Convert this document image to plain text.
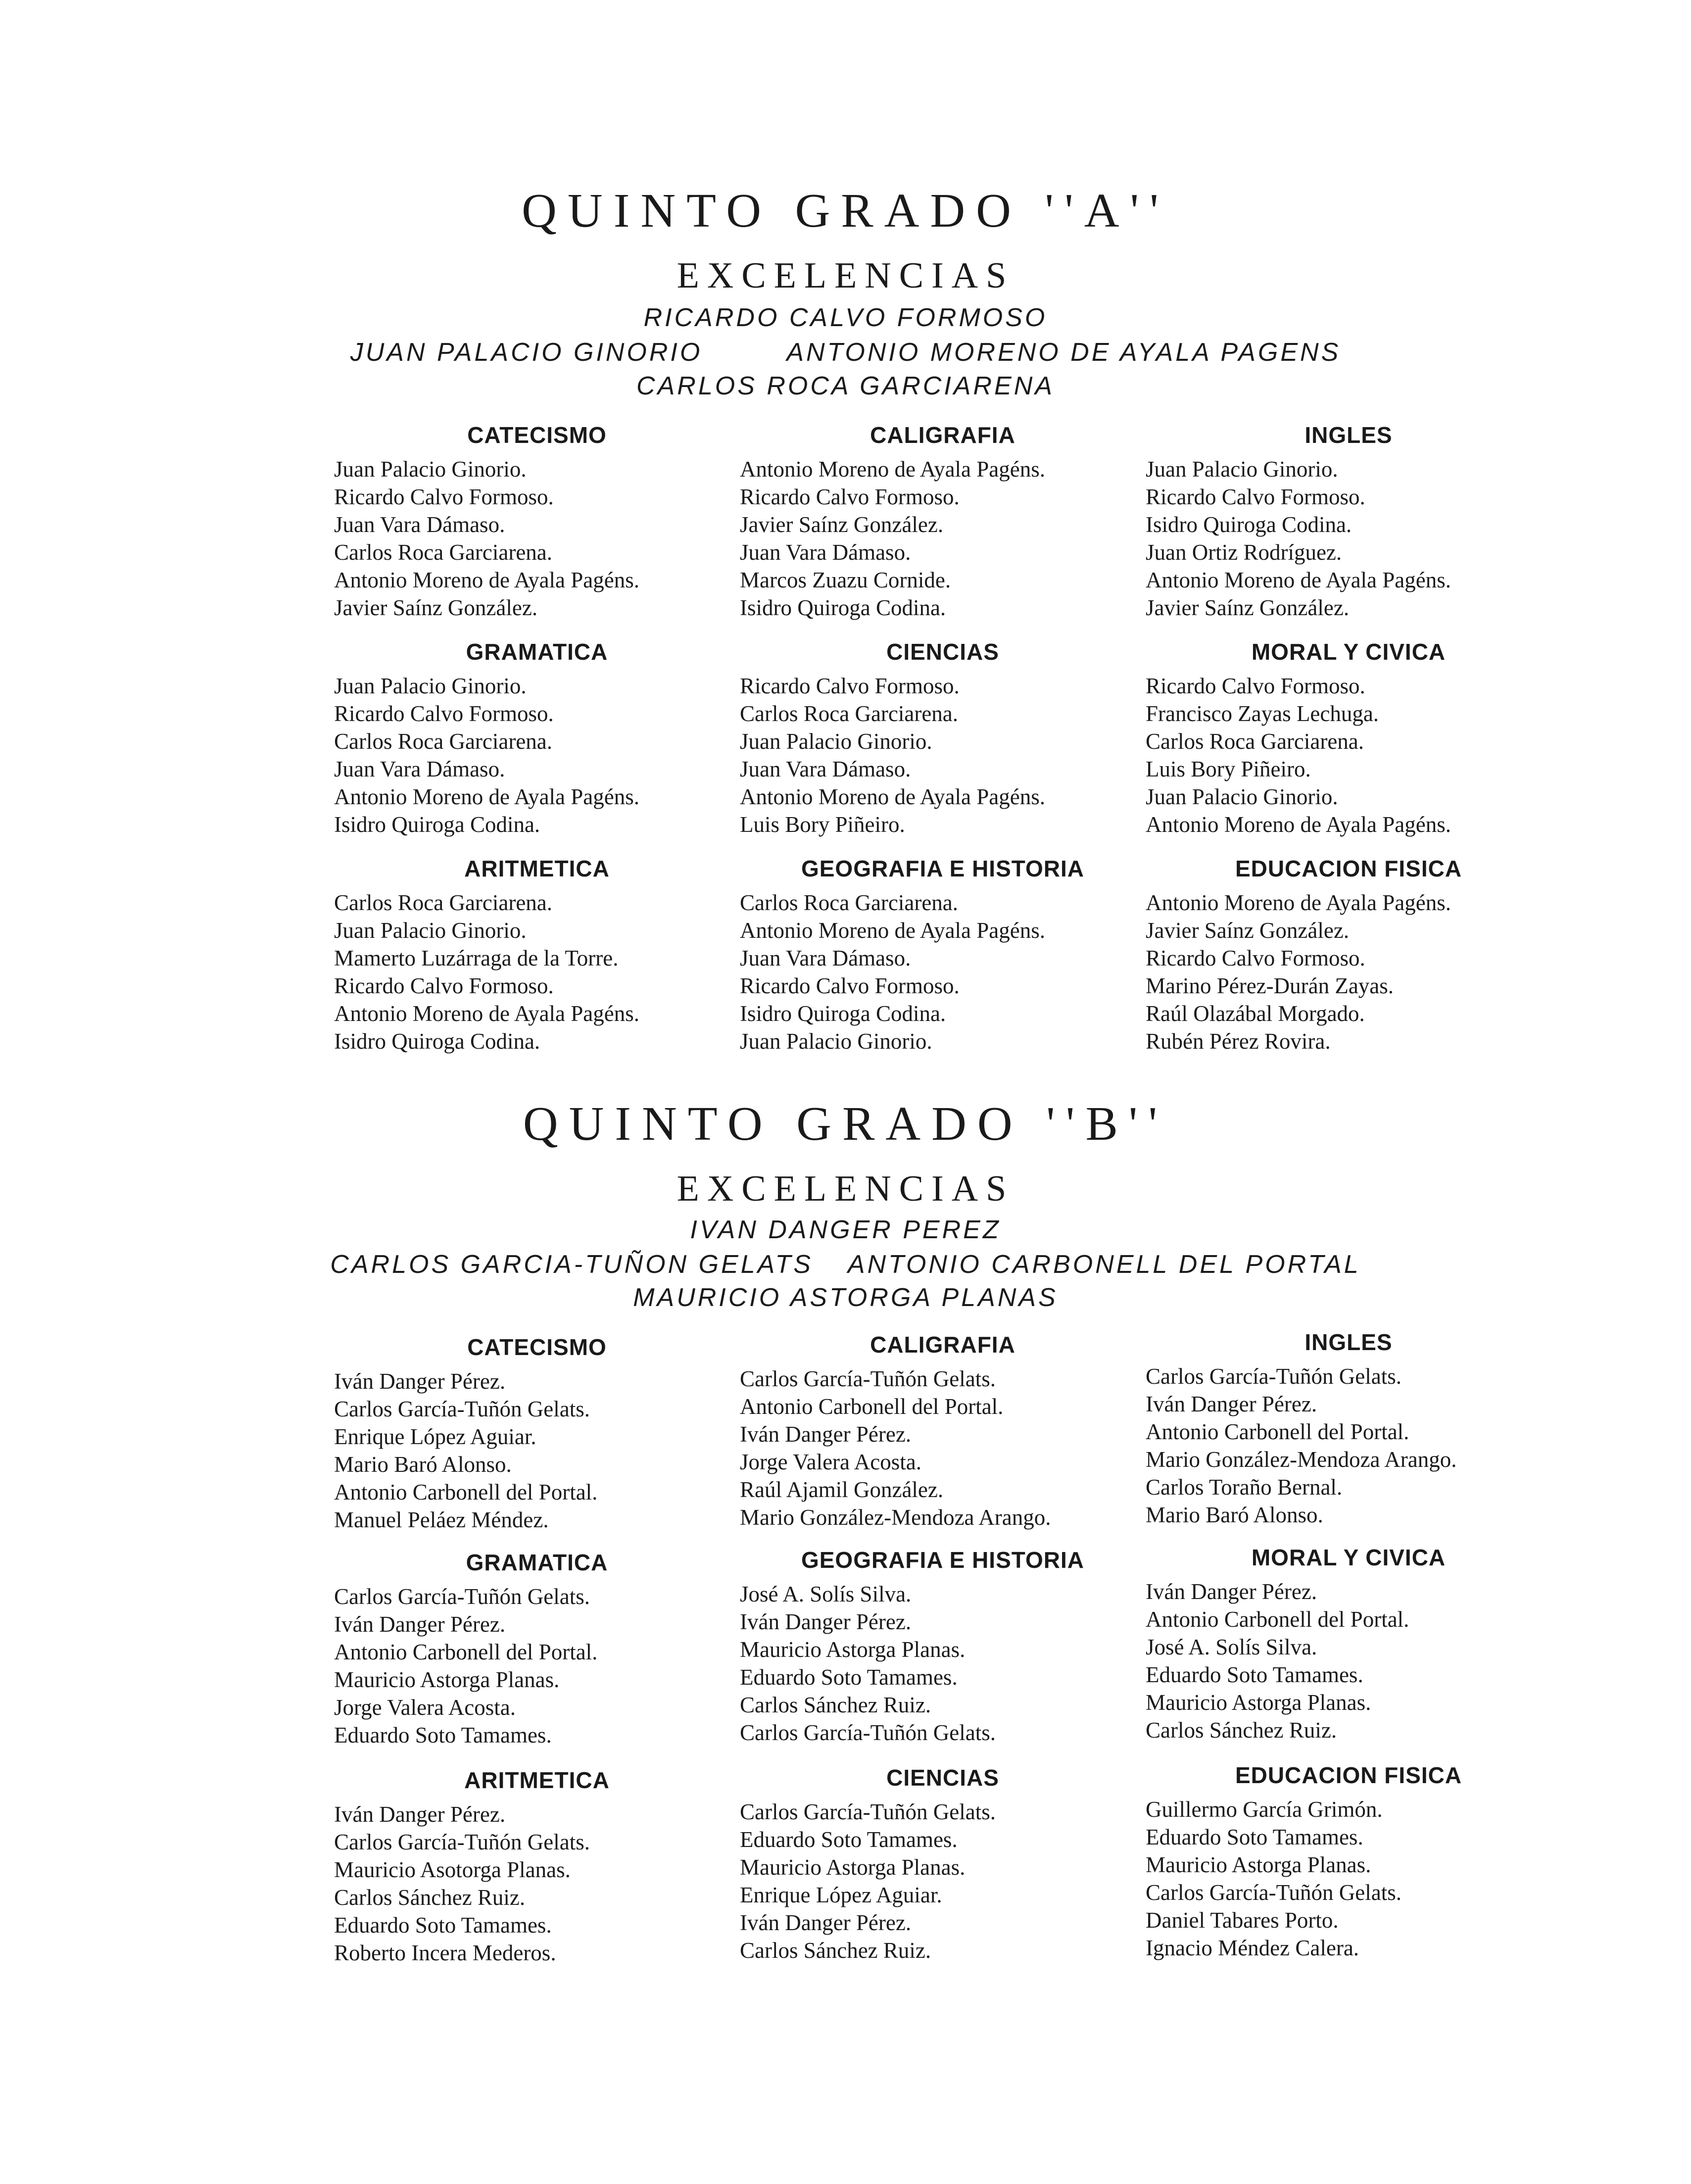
QUINTO GRADO ''A''
EXCELENCIAS
RICARDO CALVO FORMOSO
JUAN PALACIO GINORIO	ANTONIO MORENO DE AYALA PAGENS
CARLOS ROCA GARCIARENA
CATECISMO
Juan Palacio Ginorio.
Ricardo Calvo Formoso.
Juan Vara Dámaso.
Carlos Roca Garciarena.
Antonio Moreno de Ayala Pagéns.
Javier Saínz González.
CALIGRAFIA
Antonio Moreno de Ayala Pagéns.
Ricardo Calvo Formoso.
Javier Saínz González.
Juan Vara Dámaso.
Marcos Zuazu Cornide.
Isidro Quiroga Codina.
INGLES
Juan Palacio Ginorio.
Ricardo Calvo Formoso.
Isidro Quiroga Codina.
Juan Ortiz Rodríguez.
Antonio Moreno de Ayala Pagéns.
Javier Saínz González.
GRAMATICA
Juan Palacio Ginorio.
Ricardo Calvo Formoso.
Carlos Roca Garciarena.
Juan Vara Dámaso.
Antonio Moreno de Ayala Pagéns.
Isidro Quiroga Codina.
CIENCIAS
Ricardo Calvo Formoso.
Carlos Roca Garciarena.
Juan Palacio Ginorio.
Juan Vara Dámaso.
Antonio Moreno de Ayala Pagéns.
Luis Bory Piñeiro.
MORAL Y CIVICA
Ricardo Calvo Formoso.
Francisco Zayas Lechuga.
Carlos Roca Garciarena.
Luis Bory Piñeiro.
Juan Palacio Ginorio.
Antonio Moreno de Ayala Pagéns.
ARITMETICA
Carlos Roca Garciarena.
Juan Palacio Ginorio.
Mamerto Luzárraga de la Torre.
Ricardo Calvo Formoso.
Antonio Moreno de Ayala Pagéns.
Isidro Quiroga Codina.
GEOGRAFIA E HISTORIA
Carlos Roca Garciarena.
Antonio Moreno de Ayala Pagéns.
Juan Vara Dámaso.
Ricardo Calvo Formoso.
Isidro Quiroga Codina.
Juan Palacio Ginorio.
EDUCACION FISICA
Antonio Moreno de Ayala Pagéns.
Javier Saínz González.
Ricardo Calvo Formoso.
Marino Pérez-Durán Zayas.
Raúl Olazábal Morgado.
Rubén Pérez Rovira.
QUINTO GRADO ''B''
EXCELENCIAS
IVAN DANGER PEREZ
CARLOS GARCIA-TUÑON GELATS ANTONIO CARBONELL DEL PORTAL
MAURICIO ASTORGA PLANAS
CATECISMO
Iván Danger Pérez.
Carlos García-Tuñón Gelats.
Enrique López Aguiar.
Mario Baró Alonso.
Antonio Carbonell del Portal.
Manuel Peláez Méndez.
CALIGRAFIA
Carlos García-Tuñón Gelats.
Antonio Carbonell del Portal.
Iván Danger Pérez.
Jorge Valera Acosta.
Raúl Ajamil González.
Mario González-Mendoza Arango.
INGLES
Carlos García-Tuñón Gelats.
Iván Danger Pérez.
Antonio Carbonell del Portal.
Mario González-Mendoza Arango.
Carlos Toraño Bernal.
Mario Baró Alonso.
GRAMATICA
Carlos García-Tuñón Gelats.
Iván Danger Pérez.
Antonio Carbonell del Portal.
Mauricio Astorga Planas.
Jorge Valera Acosta.
Eduardo Soto Tamames.
GEOGRAFIA E HISTORIA
José A. Solís Silva.
Iván Danger Pérez.
Mauricio Astorga Planas.
Eduardo Soto Tamames.
Carlos Sánchez Ruiz.
Carlos García-Tuñón Gelats.
MORAL Y CIVICA
Iván Danger Pérez.
Antonio Carbonell del Portal.
José A. Solís Silva.
Eduardo Soto Tamames.
Mauricio Astorga Planas.
Carlos Sánchez Ruiz.
ARITMETICA
Iván Danger Pérez.
Carlos García-Tuñón Gelats.
Mauricio Asotorga Planas.
Carlos Sánchez Ruiz.
Eduardo Soto Tamames.
Roberto Incera Mederos.
CIENCIAS
Carlos García-Tuñón Gelats.
Eduardo Soto Tamames.
Mauricio Astorga Planas.
Enrique López Aguiar.
Iván Danger Pérez.
Carlos Sánchez Ruiz.
EDUCACION FISICA
Guillermo García Grimón.
Eduardo Soto Tamames.
Mauricio Astorga Planas.
Carlos García-Tuñón Gelats.
Daniel Tabares Porto.
Ignacio Méndez Calera.
